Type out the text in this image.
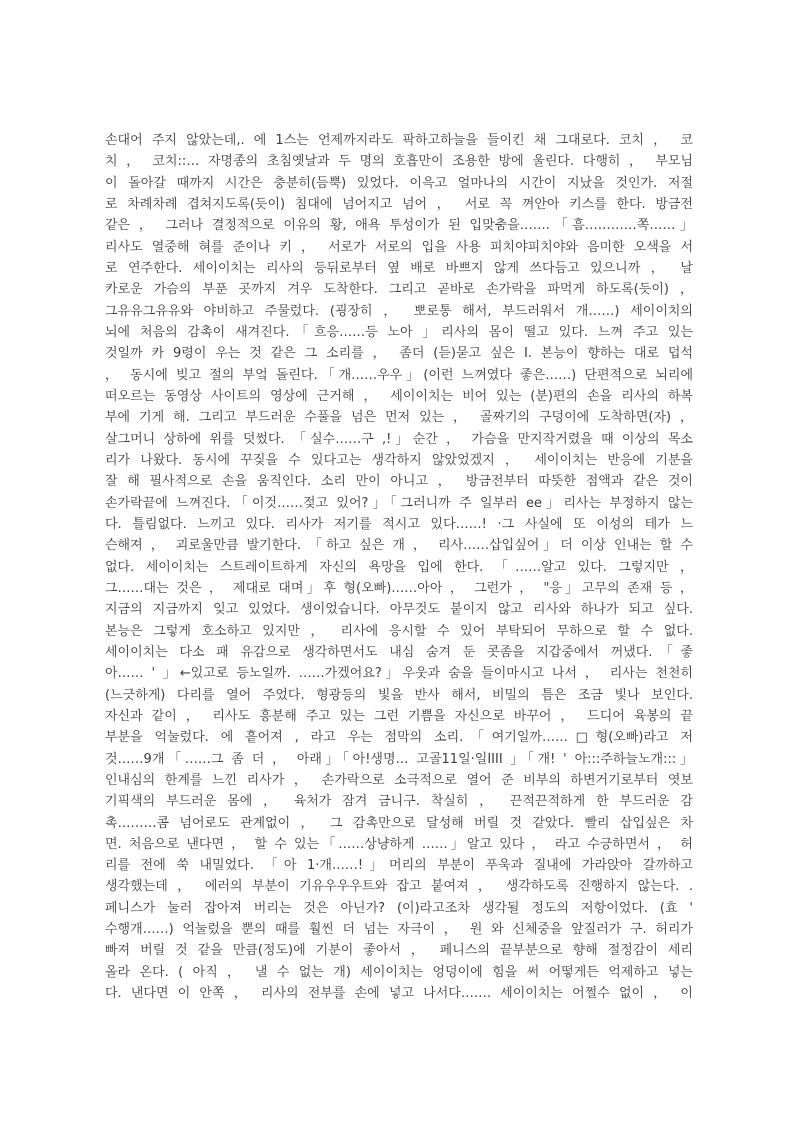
손대어 주지 않았는데,. 에 1스는 언제까지라도 팍하고하늘을 들이킨 채 그대로다. 코치 ， 코
치 ， 코치::… 자명종의 초침옛날과 두 명의 호흡만이 조용한 방에 울린다. 다행히 ， 부모님
이 돌아갈 때까지 시간은 충분히(듬뿍) 있었다. 이윽고 얼마나의 시간이 지났을 것인가. 저절
로 차례차례 겹쳐지도록(듯이) 침대에 넘어지고 넘어 ， 서로 꼭 껴안아 키스를 한다. 방금전
같은 ， 그러나 결정적으로 이유의 황, 애욕 투성이가 된 입맞춤을…….「흠…………쪽……」
리사도 열중해 혀를 준이나 키 ， 서로가 서로의 입을 사용 피치야피치야와 음미한 오색을 서
로 연주한다. 세이이치는 리사의 등뒤로부터 옆 배로 바쁘지 않게 쓰다듬고 있으니까 ， 날
카로운 가슴의 부푼 곳까지 겨우 도착한다. 그리고 곧바로 손가락을 파먹게 하도록(듯이) ，
그유유그유유와 야비하고 주물렀다. (굉장히 ， 뽀로통 해서, 부드러워서 개……) 세이이치의
뇌에 처음의 감촉이 새겨진다.「흐응……등 노아 」리사의 몸이 떨고 있다. 느껴 주고 있는
것일까 카 9령이 우는 것 같은 그 소리를 ， 좀더 (듣)묻고 싶은 I. 본능이 향하는 대로 덥석
， 동시에 빚고 절의 부엌 돌린다.「개……우우」(이런 느껴였다 좋은……) 단편적으로 뇌리에
떠오르는 동영상 사이트의 영상에 근거해 ， 세이이치는 비어 있는 (분)편의 손을 리사의 하복
부에 기게 해. 그리고 부드러운 수풀을 넘은 먼저 있는 ， 골짜기의 구덩이에 도착하면(자) ，
살그머니 상하에 위를 덧썼다. 「실수……구 ,!」순간 ， 가슴을 만지작거렸을 때 이상의 목소
리가 나왔다. 동시에 꾸짖을 수 있다고는 생각하지 않았었겠지 ， 세이이치는 반응에 기분을
잘 해 필사적으로 손을 움직인다. 소리 만이 아니고 ， 방금전부터 따뜻한 점액과 같은 것이
손가락끝에 느껴진다.「이것……젖고 있어?」「그러니까 주 일부러 ee」리사는 부정하지 않는
다. 틀림없다. 느끼고 있다. 리사가 저기를 적시고 있다……! ·그 사실에 또 이성의 테가 느
슨해져 ， 괴로울만큼 발기한다. 「하고 싶은 개 ， 리사……삽입싶어」더 이상 인내는 할 수
없다. 세이이치는 스트레이트하게 자신의 욕망을 입에 한다. 「……알고 있다. 그렇지만 ，
그……대는 것은 ， 제대로 대며」후 형(오빠)……아아 ， 그런가 ， "응」고무의 존재 등 ，
지금의 지금까지 잊고 있었다. 생이었습니다. 아무것도 붙이지 않고 리사와 하나가 되고 싶다.
본능은 그렇게 호소하고 있지만 ， 리사에 응시할 수 있어 부탁되어 무하으로 할 수 없다.
세이이치는 다소 패 유감으로 생각하면서도 내심 숨겨 둔 콧좀을 지갑중에서 꺼냈다.「좋
아…… ' 」←있고로 등노일까. ……가겠어요?」우웃과 숨을 들이마시고 나서 ， 리사는 천천히
(느긋하게) 다리를 열어 주었다. 형광등의 빛을 반사 해서, 비밀의 틈은 조금 빛나 보인다.
자신과 같이 ， 리사도 흥분해 주고 있는 그런 기쁨을 자신으로 바꾸어 ， 드디어 육봉의 끝
부분을 억눌렀다. 에 흩어져 , 라고 우는 점막의 소리.「여기일까……□형(오빠)라고 저
것……9개「……그 좀 더 ， 아래」「아!생명… 고골11일·일IIII 」「개! ' 아:::주하늘노개:::」
인내심의 한계를 느낀 리사가 ， 손가락으로 소극적으로 열어 준 비부의 하변거기로부터 엿보
기픽색의 부드러운 몸에 ， 육처가 잠겨 금니구. 착실히 ， 끈적끈적하게 한 부드러운 감
촉………콤 넘어로도 관계없이 ， 그 감촉만으로 달성해 버릴 것 같았다. 빨리 삽입싶은 차
면. 처음으로 낸다면 ， 할 수 있는「……상냥하게 ……」알고 있다 ， 라고 수긍하면서 ， 허
리를 전에 쑥 내밀었다. 「아 1·개……!」머리의 부분이 푸욱과 질내에 가라앉아 갈까하고
생각했는데 ， 에러의 부분이 기유우우우트와 잡고 붙여져 ， 생각하도록 진행하지 않는다. .
페니스가 눌러 잡아져 버리는 것은 아닌가? (이)라고조차 생각될 정도의 저항이었다. (효 '
수행개……) 억눌렀을 뿐의 때를 훨씬 더 넘는 자극이 ， 원 와 신체중을 앞질러가 구. 허리가
빠져 버릴 것 같을 만큼(정도)에 기분이 좋아서 ， 페니스의 끝부분으로 향해 절정감이 세리
올라 온다. ( 아직 ， 낼 수 없는 개) 세이이치는 엉덩이에 힘을 써 어떻게든 억제하고 넣는
다. 낸다면 이 안쪽 ， 리사의 전부를 손에 넣고 나서다……. 세이이치는 어쩔수 없이 ， 이
